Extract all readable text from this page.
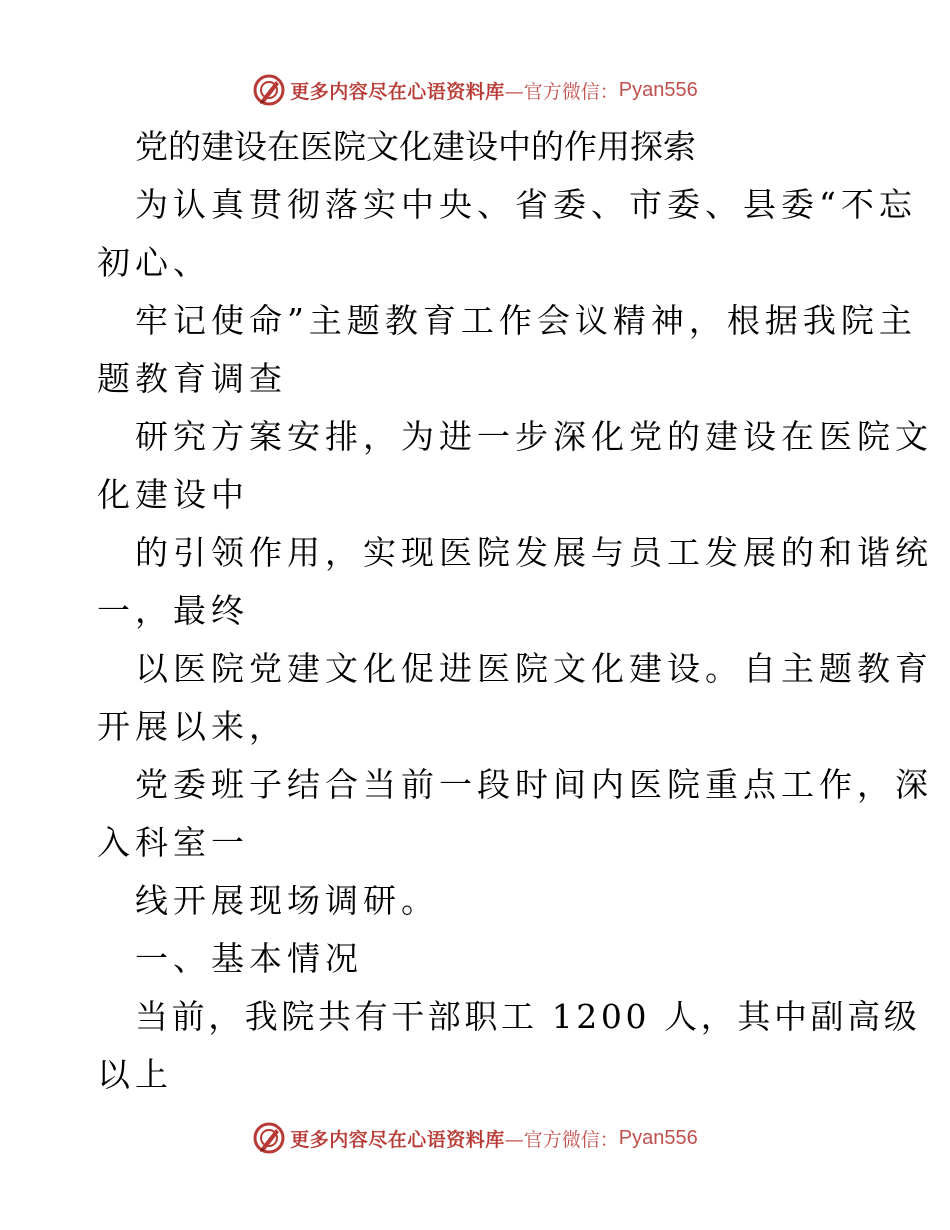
更多内容尽在心语资料库 —官方微信： Pyan556
党的建设在医院文化建设中的作用探索
为认真贯彻落实中央、省委、市委、县委“不忘
初心、
牢记使命”主题教育工作会议精神，根据我院主
题教育调查
研究方案安排，为进一步深化党的建设在医院文
化建设中
的引领作用，实现医院发展与员工发展的和谐统
一，最终
以医院党建文化促进医院文化建设。自主题教育
开展以来，
党委班子结合当前一段时间内医院重点工作，深
入科室一
线开展现场调研。
一、基本情况
当前，我院共有干部职工 1200 人，其中副高级
以上
更多内容尽在心语资料库 —官方微信： Pyan556
